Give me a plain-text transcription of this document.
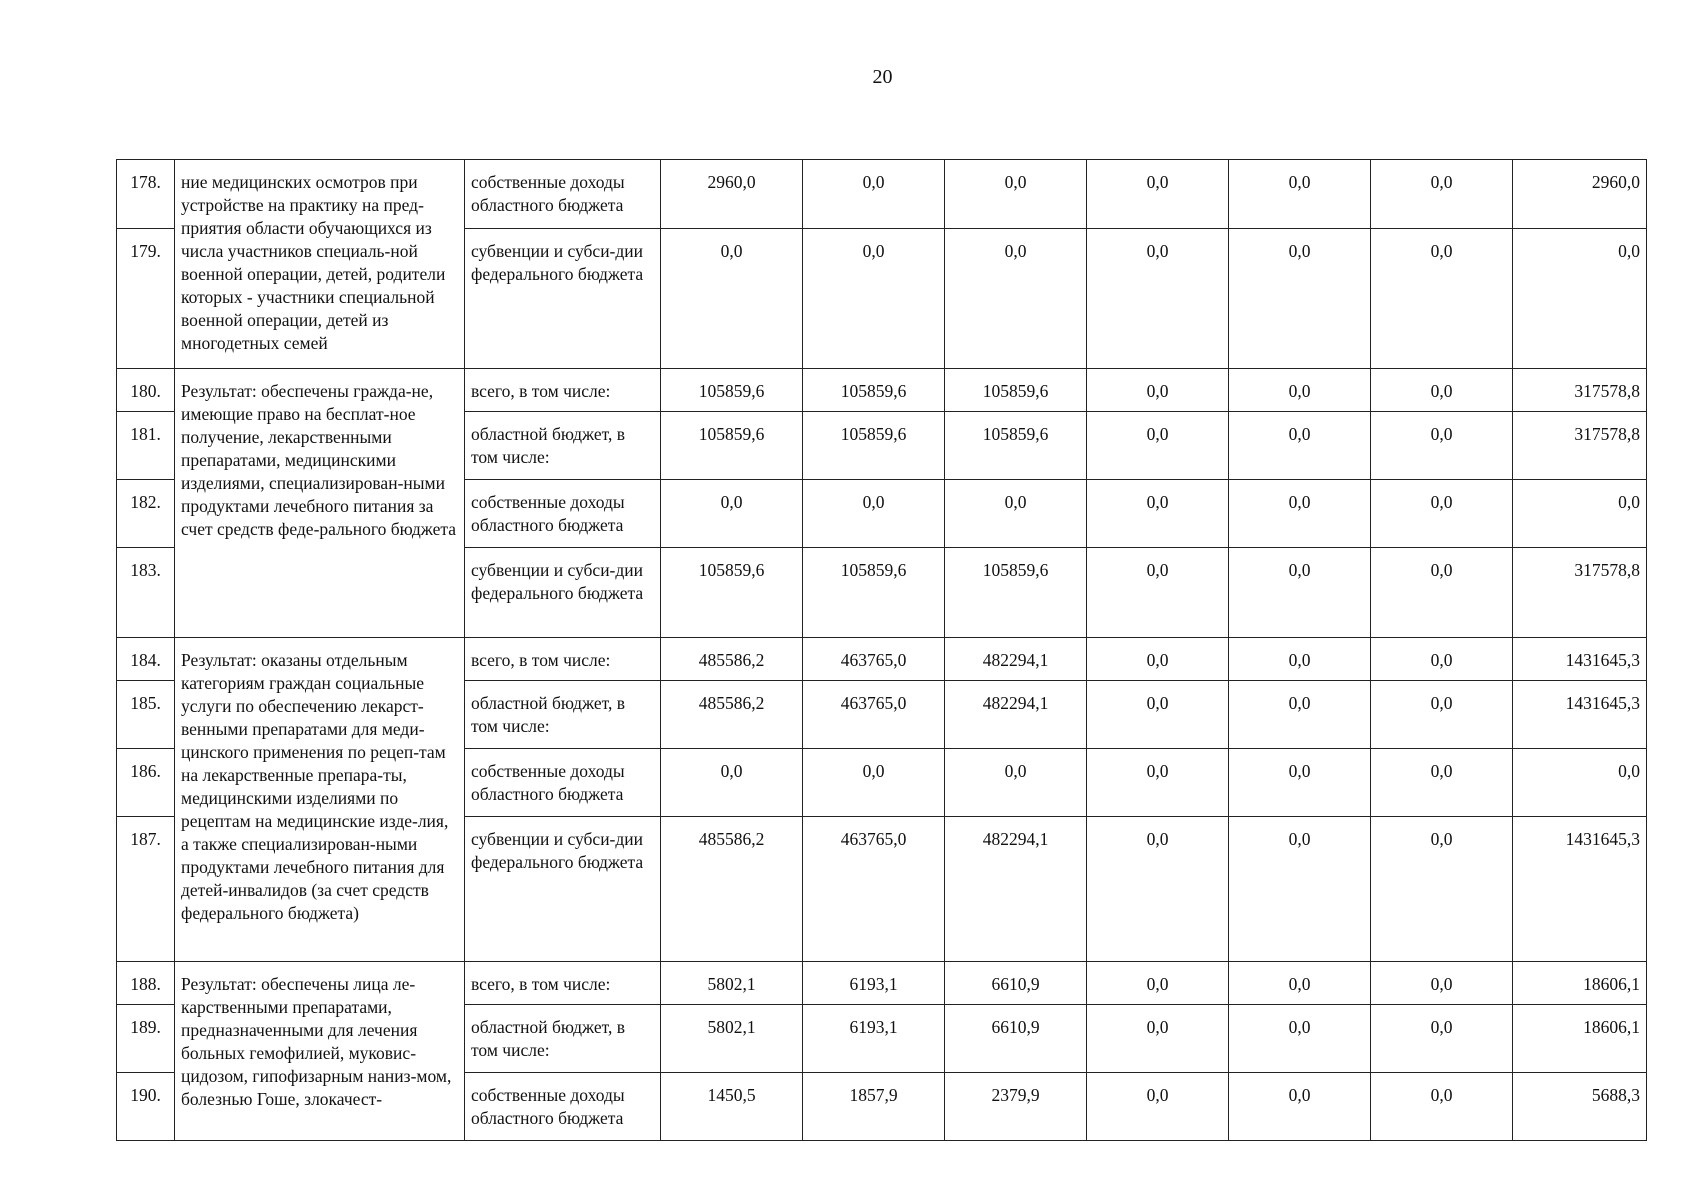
20
178.	ние медицинских осмотров при устройстве на практику на пред-приятия области обучающихся из числа участников специаль-ной военной операции, детей, родители которых - участники специальной военной операции, детей из многодетных семей	собственные доходы областного бюджета	2960,0	0,0	0,0	0,0	0,0	0,0	2960,0
179.		субвенции и субси-дии федерального бюджета	0,0	0,0	0,0	0,0	0,0	0,0	0,0
180.	Результат: обеспечены гражда-не, имеющие право на бесплат-ное получение, лекарственными препаратами, медицинскими изделиями, специализирован-ными продуктами лечебного питания за счет средств феде-рального бюджета	всего, в том числе:	105859,6	105859,6	105859,6	0,0	0,0	0,0	317578,8
181.		областной бюджет, в том числе:	105859,6	105859,6	105859,6	0,0	0,0	0,0	317578,8
182.		собственные доходы областного бюджета	0,0	0,0	0,0	0,0	0,0	0,0	0,0
183.		субвенции и субси-дии федерального бюджета	105859,6	105859,6	105859,6	0,0	0,0	0,0	317578,8
184.	Результат: оказаны отдельным категориям граждан социальные услуги по обеспечению лекарст-венными препаратами для меди-цинского применения по рецеп-там на лекарственные препара-ты, медицинскими изделиями по рецептам на медицинские изде-лия, а также специализирован-ными продуктами лечебного питания для детей-инвалидов (за счет средств федерального бюджета)	всего, в том числе:	485586,2	463765,0	482294,1	0,0	0,0	0,0	1431645,3
185.		областной бюджет, в том числе:	485586,2	463765,0	482294,1	0,0	0,0	0,0	1431645,3
186.		собственные доходы областного бюджета	0,0	0,0	0,0	0,0	0,0	0,0	0,0
187.		субвенции и субси-дии федерального бюджета	485586,2	463765,0	482294,1	0,0	0,0	0,0	1431645,3
188.	Результат: обеспечены лица ле-карственными препаратами, предназначенными для лечения больных гемофилией, муковис-цидозом, гипофизарным наниз-мом, болезнью Гоше, злокачест-	всего, в том числе:	5802,1	6193,1	6610,9	0,0	0,0	0,0	18606,1
189.		областной бюджет, в том числе:	5802,1	6193,1	6610,9	0,0	0,0	0,0	18606,1
190.		собственные доходы областного бюджета	1450,5	1857,9	2379,9	0,0	0,0	0,0	5688,3
